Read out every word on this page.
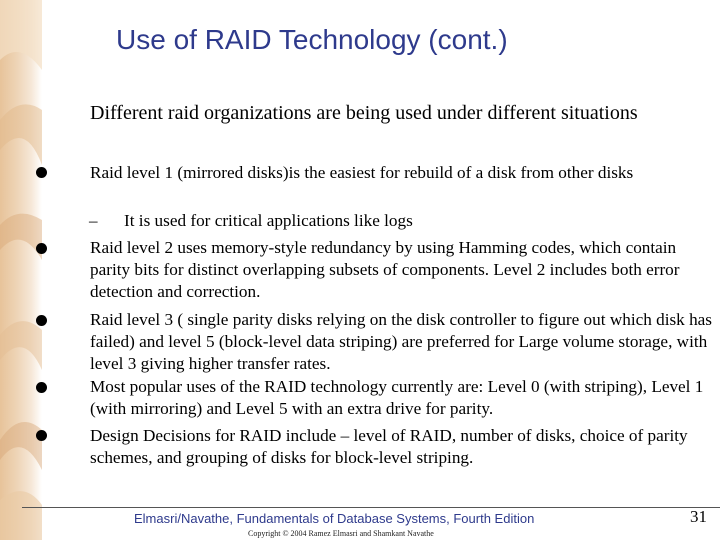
Use of RAID Technology (cont.)
Different raid organizations are being used under different situations
Raid level 1 (mirrored disks)is the easiest for rebuild of a disk from other disks
– It is used for critical applications like logs
Raid level 2 uses memory-style redundancy by using Hamming codes, which contain parity bits for distinct overlapping subsets of components. Level 2 includes both error detection and correction.
Raid level 3 ( single parity disks relying on the disk controller to figure out which disk has failed) and level 5 (block-level data striping) are preferred for Large volume storage, with level 3 giving higher transfer rates.
Most popular uses of the RAID technology currently are: Level 0 (with striping), Level 1 (with mirroring) and Level 5 with an extra drive for parity.
Design Decisions for RAID include – level of RAID, number of disks, choice of parity schemes, and grouping of disks for block-level striping.
Elmasri/Navathe, Fundamentals of Database Systems, Fourth Edition
Copyright © 2004 Ramez Elmasri and Shamkant Navathe
31
